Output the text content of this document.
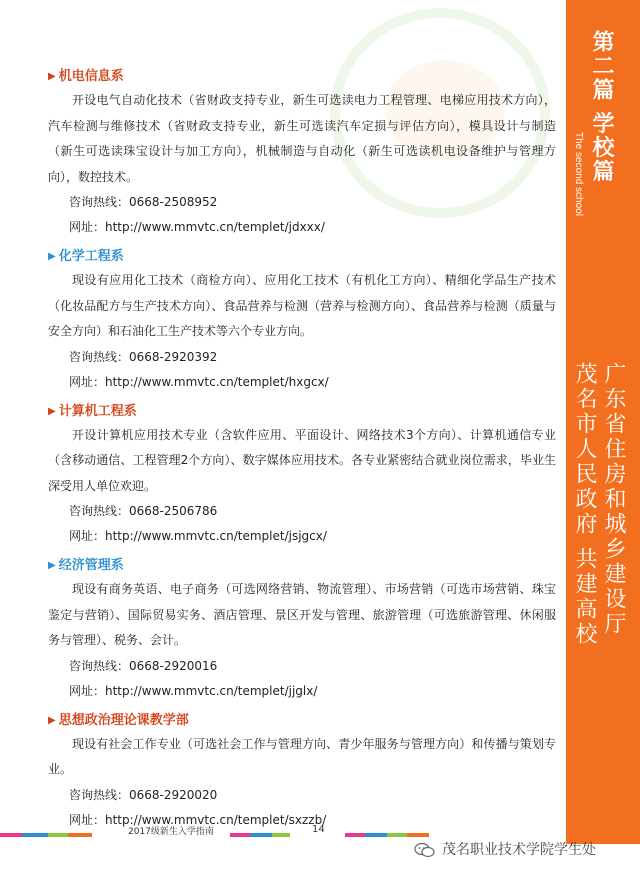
第二篇 学校篇
The second school
广东省住房和城乡建设厅
茂名市人民政府 共建高校
▶ 机电信息系

开设电气自动化技术（省财政支持专业，新生可选读电力工程管理、电梯应用技术方向），汽车检测与维修技术（省财政支持专业，新生可选读汽车定损与评估方向），模具设计与制造（新生可选读珠宝设计与加工方向），机械制造与自动化（新生可选读机电设备维护与管理方向），数控技术。

咨询热线：0668-2508952
网址：http://www.mmvtc.cn/templet/jdxxx/
▶ 化学工程系

现设有应用化工技术（商检方向）、应用化工技术（有机化工方向）、精细化学品生产技术（化妆品配方与生产技术方向）、食品营养与检测（营养与检测方向）、食品营养与检测（质量与安全方向）和石油化工生产技术等六个专业方向。

咨询热线：0668-2920392
网址：http://www.mmvtc.cn/templet/hxgcx/
▶ 计算机工程系

开设计算机应用技术专业（含软件应用、平面设计、网络技术3个方向）、计算机通信专业（含移动通信、工程管理2个方向）、数字媒体应用技术。各专业紧密结合就业岗位需求，毕业生深受用人单位欢迎。

咨询热线：0668-2506786
网址：http://www.mmvtc.cn/templet/jsjgcx/
▶ 经济管理系

现设有商务英语、电子商务（可选网络营销、物流管理）、市场营销（可选市场营销、珠宝鉴定与营销）、国际贸易实务、酒店管理、景区开发与管理、旅游管理（可选旅游管理、休闲服务与管理）、税务、会计。

咨询热线：0668-2920016
网址：http://www.mmvtc.cn/templet/jjglx/
▶ 思想政治理论课教学部

现设有社会工作专业（可选社会工作与管理方向、青少年服务与管理方向）和传播与策划专业。

咨询热线：0668-2920020
网址：http://www.mmvtc.cn/templet/sxzzb/
2017级新生入学指南	14
茂名职业技术学院学生处
